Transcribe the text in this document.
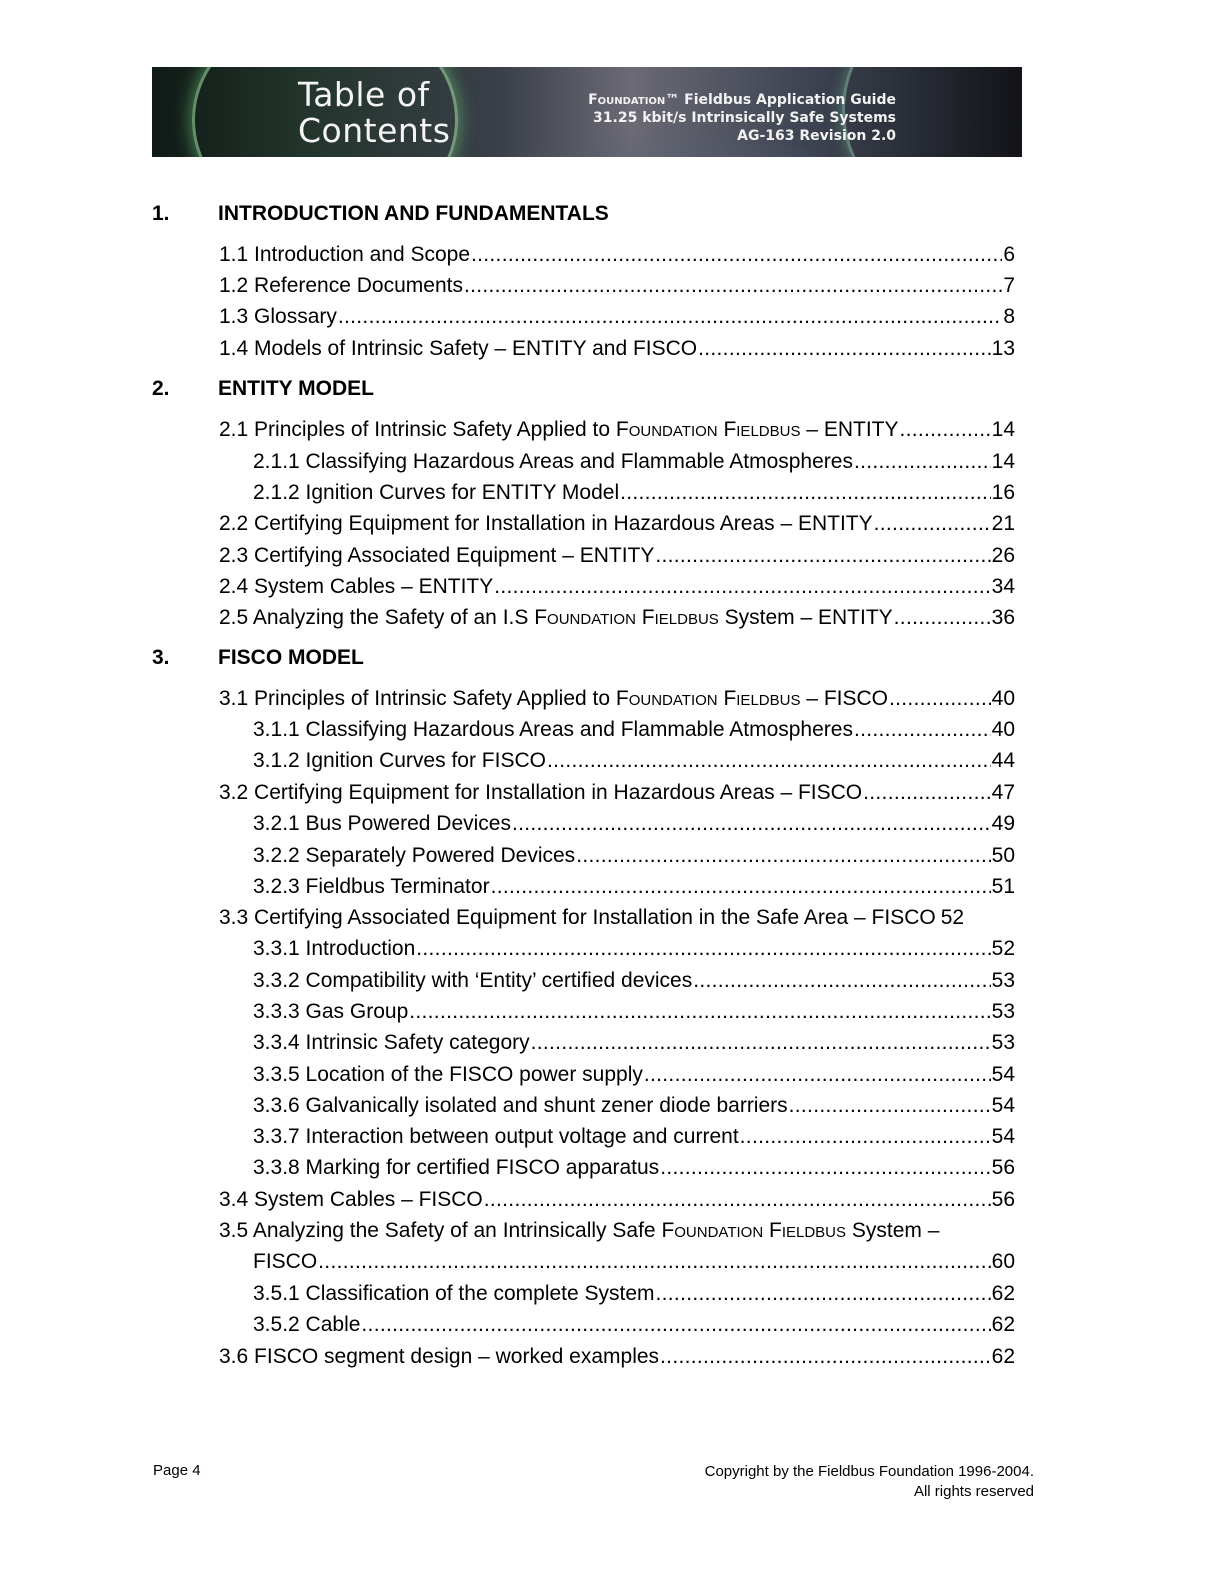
Table of
Contents
Foundation™ Fieldbus Application Guide
31.25 kbit/s Intrinsically Safe Systems
AG-163 Revision 2.0
1. INTRODUCTION AND FUNDAMENTALS
2. ENTITY MODEL
3. FISCO MODEL
1.1 Introduction and Scope .....	6
1.2 Reference Documents .....	7
1.3 Glossary .....	8
1.4 Models of Intrinsic Safety – ENTITY and FISCO .....	13
2.1 Principles of Intrinsic Safety Applied to Foundation Fieldbus – ENTITY .....	14
2.1.1 Classifying Hazardous Areas and Flammable Atmospheres .....	14
2.1.2 Ignition Curves for ENTITY Model .....	16
2.2 Certifying Equipment for Installation in Hazardous Areas – ENTITY .....	21
2.3 Certifying Associated Equipment – ENTITY .....	26
2.4 System Cables – ENTITY .....	34
2.5 Analyzing the Safety of an I.S Foundation Fieldbus System – ENTITY .....	36
3.1 Principles of Intrinsic Safety Applied to Foundation Fieldbus – FISCO .....	40
3.1.1 Classifying Hazardous Areas and Flammable Atmospheres .....	40
3.1.2 Ignition Curves for FISCO .....	44
3.2 Certifying Equipment for Installation in Hazardous Areas – FISCO .....	47
3.2.1 Bus Powered Devices .....	49
3.2.2 Separately Powered Devices .....	50
3.2.3 Fieldbus Terminator .....	51
3.3 Certifying Associated Equipment for Installation in the Safe Area – FISCO 52
3.3.1 Introduction .....	52
3.3.2 Compatibility with ‘Entity’ certified devices .....	53
3.3.3 Gas Group .....	53
3.3.4 Intrinsic Safety category .....	53
3.3.5 Location of the FISCO power supply .....	54
3.3.6 Galvanically isolated and shunt zener diode barriers .....	54
3.3.7 Interaction between output voltage and current .....	54
3.3.8 Marking for certified FISCO apparatus .....	56
3.4 System Cables – FISCO .....	56
3.5 Analyzing the Safety of an Intrinsically Safe Foundation Fieldbus System –
FISCO .....	60
3.5.1 Classification of the complete System .....	62
3.5.2 Cable .....	62
3.6 FISCO segment design – worked examples .....	62
Page 4	Copyright by the Fieldbus Foundation 1996-2004.
All rights reserved
